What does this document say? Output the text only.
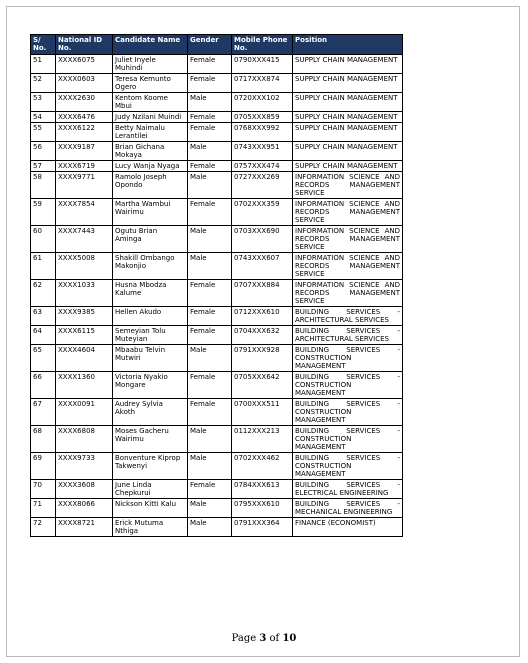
S/ No.	National ID No.	Candidate Name	Gender	Mobile Phone No.	Position
51	XXXX6075	Juliet Inyele Muhindi	Female	0790XXX415	SUPPLY CHAIN MANAGEMENT
52	XXXX0603	Teresa Kemunto Ogero	Female	0717XXX874	SUPPLY CHAIN MANAGEMENT
53	XXXX2630	Kentom Koome Mbui	Male	0720XXX102	SUPPLY CHAIN MANAGEMENT
54	XXXX6476	Judy Nzilani Muindi	Female	0705XXX859	SUPPLY CHAIN MANAGEMENT
55	XXXX6122	Betty Naimalu Lerantilei	Female	0768XXX992	SUPPLY CHAIN MANAGEMENT
56	XXXX9187	Brian Gichana Mokaya	Male	0743XXX951	SUPPLY CHAIN MANAGEMENT
57	XXXX6719	Lucy Wanja Nyaga	Female	0757XXX474	SUPPLY CHAIN MANAGEMENT
58	XXXX9771	Ramolo Joseph Opondo	Male	0727XXX269	INFORMATION SCIENCE AND RECORDS MANAGEMENT SERVICE
59	XXXX7854	Martha Wambui Wairimu	Female	0702XXX359	INFORMATION SCIENCE AND RECORDS MANAGEMENT SERVICE
60	XXXX7443	Ogutu Brian Aminga	Male	0703XXX690	INFORMATION SCIENCE AND RECORDS MANAGEMENT SERVICE
61	XXXX5008	Shakill Ombango Makonjio	Male	0743XXX607	INFORMATION SCIENCE AND RECORDS MANAGEMENT SERVICE
62	XXXX1033	Husna Mbodza Kalume	Female	0707XXX884	INFORMATION SCIENCE AND RECORDS MANAGEMENT SERVICE
63	XXXX9385	Hellen Akudo	Female	0712XXX610	BUILDING SERVICES - ARCHITECTURAL SERVICES
64	XXXX6115	Semeyian Tolu Muteyian	Female	0704XXX632	BUILDING SERVICES - ARCHITECTURAL SERVICES
65	XXXX4604	Mbaabu Telvin Mutwiri	Male	0791XXX928	BUILDING SERVICES - CONSTRUCTION MANAGEMENT
66	XXXX1360	Victoria Nyakio Mongare	Female	0705XXX642	BUILDING SERVICES - CONSTRUCTION MANAGEMENT
67	XXXX0091	Audrey Sylvia Akoth	Female	0700XXX511	BUILDING SERVICES - CONSTRUCTION MANAGEMENT
68	XXXX6808	Moses Gacheru Wairimu	Male	0112XXX213	BUILDING SERVICES - CONSTRUCTION MANAGEMENT
69	XXXX9733	Bonventure Kiprop Takwenyi	Male	0702XXX462	BUILDING SERVICES - CONSTRUCTION MANAGEMENT
70	XXXX3608	June Linda Chepkurui	Female	0784XXX613	BUILDING SERVICES - ELECTRICAL ENGINEERING
71	XXXX8066	Nickson Kitti Kalu	Male	0795XXX610	BUILDING SERVICES - MECHANICAL ENGINEERING
72	XXXX8721	Erick Mutuma Nthiga	Male	0791XXX364	FINANCE (ECONOMIST)
Page 3 of 10
